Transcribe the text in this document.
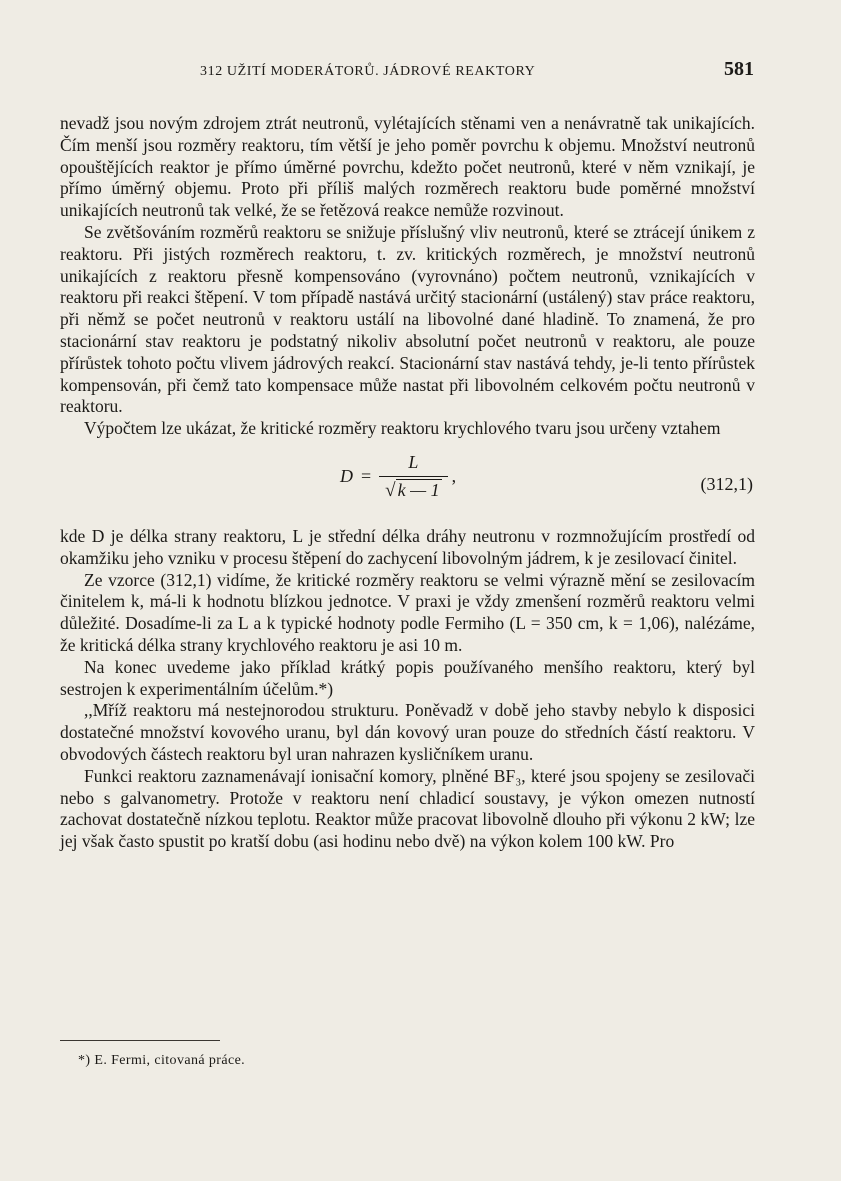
312 UŽITÍ MODERÁTORŮ. JÁDROVÉ REAKTORY	581

nevadž jsou novým zdrojem ztrát neutronů, vylétajících stěnami ven a nenávratně tak unikajících. Čím menší jsou rozměry reaktoru, tím větší je jeho poměr povrchu k objemu. Množství neutronů opouštějících reaktor je přímo úměrné povrchu, kdežto počet neutronů, které v něm vznikají, je přímo úměrný objemu. Proto při příliš malých rozměrech reaktoru bude poměrné množství unikajících neutronů tak velké, že se řetězová reakce nemůže rozvinout.

Se zvětšováním rozměrů reaktoru se snižuje příslušný vliv neutronů, které se ztrácejí únikem z reaktoru. Při jistých rozměrech reaktoru, t. zv. kritických rozměrech, je množství neutronů unikajících z reaktoru přesně kompensováno (vyrovnáno) počtem neutronů, vznikajících v reaktoru při reakci štěpení. V tom případě nastává určitý stacionární (ustálený) stav práce reaktoru, při němž se počet neutronů v reaktoru ustálí na libovolné dané hladině. To znamená, že pro stacionární stav reaktoru je podstatný nikoliv absolutní počet neutronů v reaktoru, ale pouze přírůstek tohoto počtu vlivem jádrových reakcí. Stacionární stav nastává tehdy, je-li tento přírůstek kompensován, při čemž tato kompensace může nastat při libovolném celkovém počtu neutronů v reaktoru.

Výpočtem lze ukázat, že kritické rozměry reaktoru krychlového tvaru jsou určeny vztahem

$D = \frac{L}{√ k — 1}$ ,	(312,1)

kde D je délka strany reaktoru, L je střední délka dráhy neutronu v rozmnožujícím prostředí od okamžiku jeho vzniku v procesu štěpení do zachycení libovolným jádrem, k je zesilovací činitel.

Ze vzorce (312,1) vidíme, že kritické rozměry reaktoru se velmi výrazně mění se zesilovacím činitelem k, má-li k hodnotu blízkou jednotce. V praxi je vždy zmenšení rozměrů reaktoru velmi důležité. Dosadíme-li za L a k typické hodnoty podle Fermiho (L = 350 cm, k = 1,06), nalézáme, že kritická délka strany krychlového reaktoru je asi 10 m.

Na konec uvedeme jako příklad krátký popis používaného menšího reaktoru, který byl sestrojen k experimentálním účelům.*)

,,Mříž reaktoru má nestejnorodou strukturu. Poněvadž v době jeho stavby nebylo k disposici dostatečné množství kovového uranu, byl dán kovový uran pouze do středních částí reaktoru. V obvodových částech reaktoru byl uran nahrazen kysličníkem uranu.

Funkci reaktoru zaznamenávají ionisační komory, plněné BF₃, které jsou spojeny se zesilovači nebo s galvanometry. Protože v reaktoru není chladicí soustavy, je výkon omezen nutností zachovat dostatečně nízkou teplotu. Reaktor může pracovat libovolně dlouho při výkonu 2 kW; lze jej však často spustit po kratší dobu (asi hodinu nebo dvě) na výkon kolem 100 kW. Pro

*) E. Fermi, citovaná práce.
